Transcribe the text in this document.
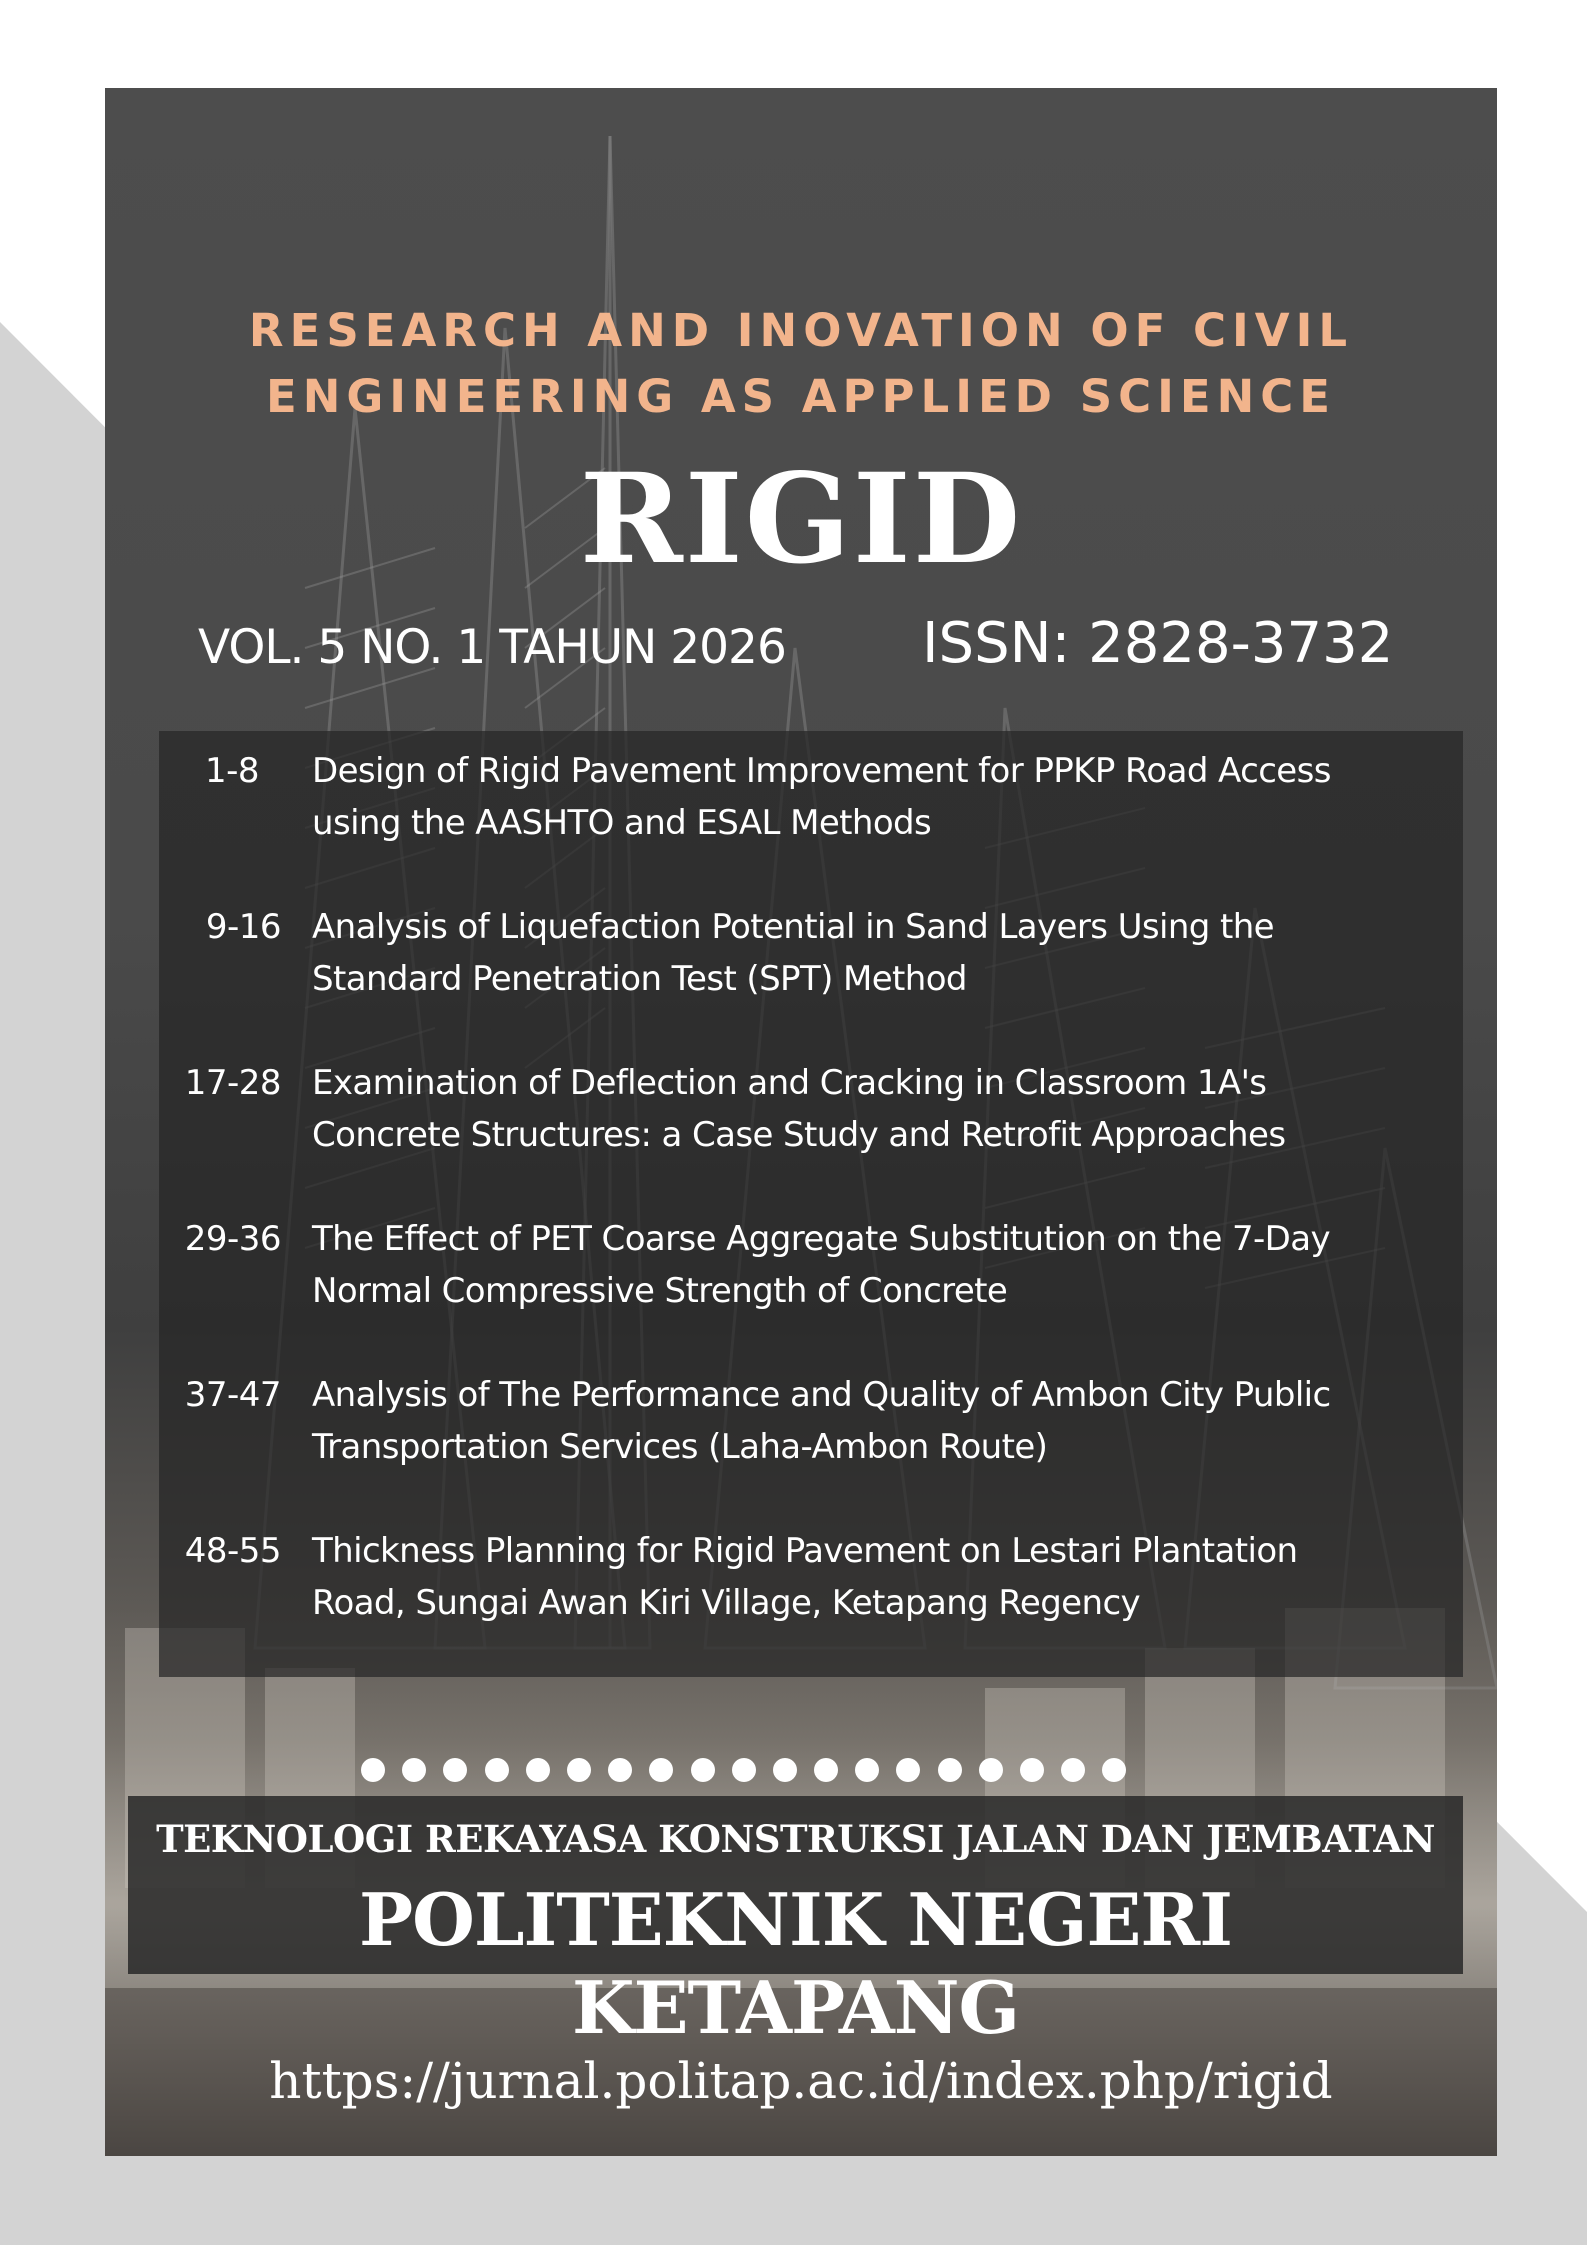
RESEARCH AND INOVATION OF CIVIL
ENGINEERING AS APPLIED SCIENCE
RIGID
VOL. 5 NO. 1 TAHUN 2026 ISSN: 2828-3732
1-8 Design of Rigid Pavement Improvement for PPKP Road Access
using the AASHTO and ESAL Methods
9-16 Analysis of Liquefaction Potential in Sand Layers Using the
Standard Penetration Test (SPT) Method
17-28 Examination of Deflection and Cracking in Classroom 1A's
Concrete Structures: a Case Study and Retrofit Approaches
29-36 The Effect of PET Coarse Aggregate Substitution on the 7-Day
Normal Compressive Strength of Concrete
37-47 Analysis of The Performance and Quality of Ambon City Public
Transportation Services (Laha-Ambon Route)
48-55 Thickness Planning for Rigid Pavement on Lestari Plantation
Road, Sungai Awan Kiri Village, Ketapang Regency
TEKNOLOGI REKAYASA KONSTRUKSI JALAN DAN JEMBATAN
POLITEKNIK NEGERI KETAPANG
https://jurnal.politap.ac.id/index.php/rigid
